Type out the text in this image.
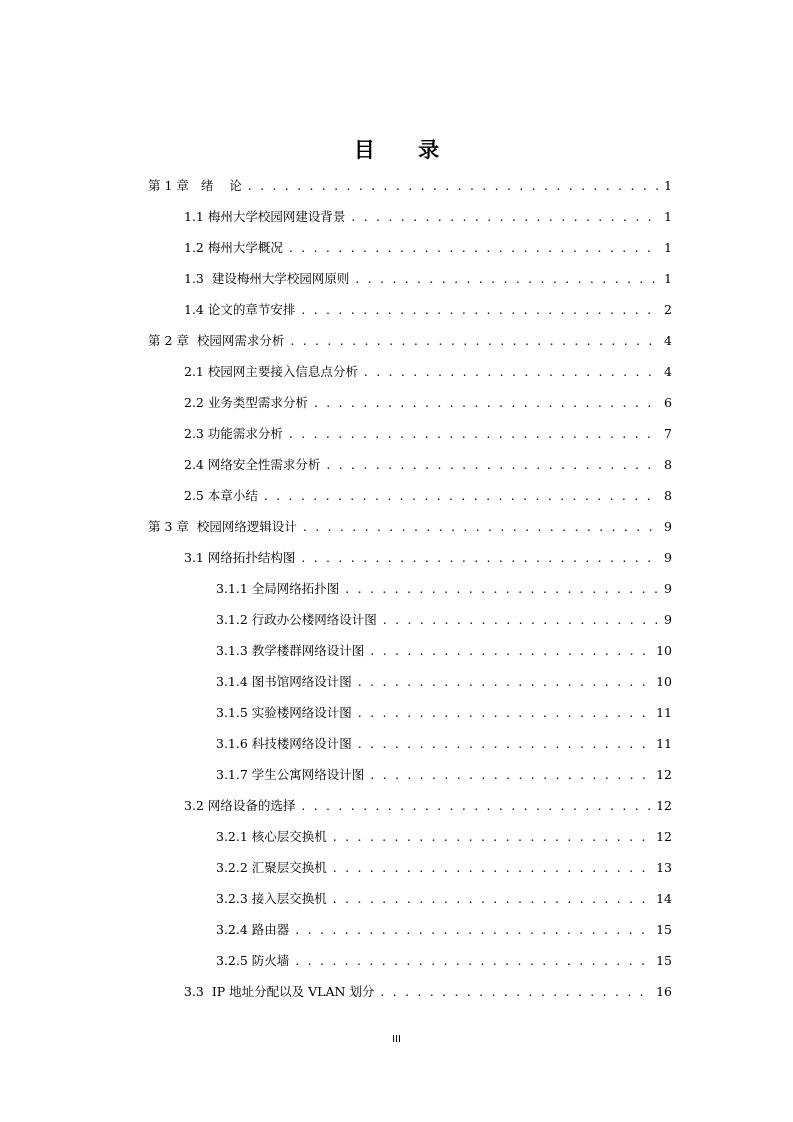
目 录
第 1 章   绪    论 . . .	1
1.1 梅州大学校园网建设背景 . . .	1
1.2 梅州大学概况 . . .	1
1.3  建设梅州大学校园网原则 . . .	1
1.4 论文的章节安排 . . .	2
第 2 章  校园网需求分析 . . .	4
2.1 校园网主要接入信息点分析 . . .	4
2.2 业务类型需求分析 . . .	6
2.3 功能需求分析 . . .	7
2.4 网络安全性需求分析 . . .	8
2.5 本章小结 . . .	8
第 3 章  校园网络逻辑设计 . . .	9
3.1 网络拓扑结构图 . . .	9
3.1.1 全局网络拓扑图 . . .	9
3.1.2 行政办公楼网络设计图 . . .	9
3.1.3 教学楼群网络设计图 . . .	10
3.1.4 图书馆网络设计图 . . .	10
3.1.5 实验楼网络设计图 . . .	11
3.1.6 科技楼网络设计图 . . .	11
3.1.7 学生公寓网络设计图 . . .	12
3.2 网络设备的选择 . . .	12
3.2.1 核心层交换机 . . .	12
3.2.2 汇聚层交换机 . . .	13
3.2.3 接入层交换机 . . .	14
3.2.4 路由器 . . .	15
3.2.5 防火墙 . . .	15
3.3  IP 地址分配以及 VLAN 划分 . . .	16
III
